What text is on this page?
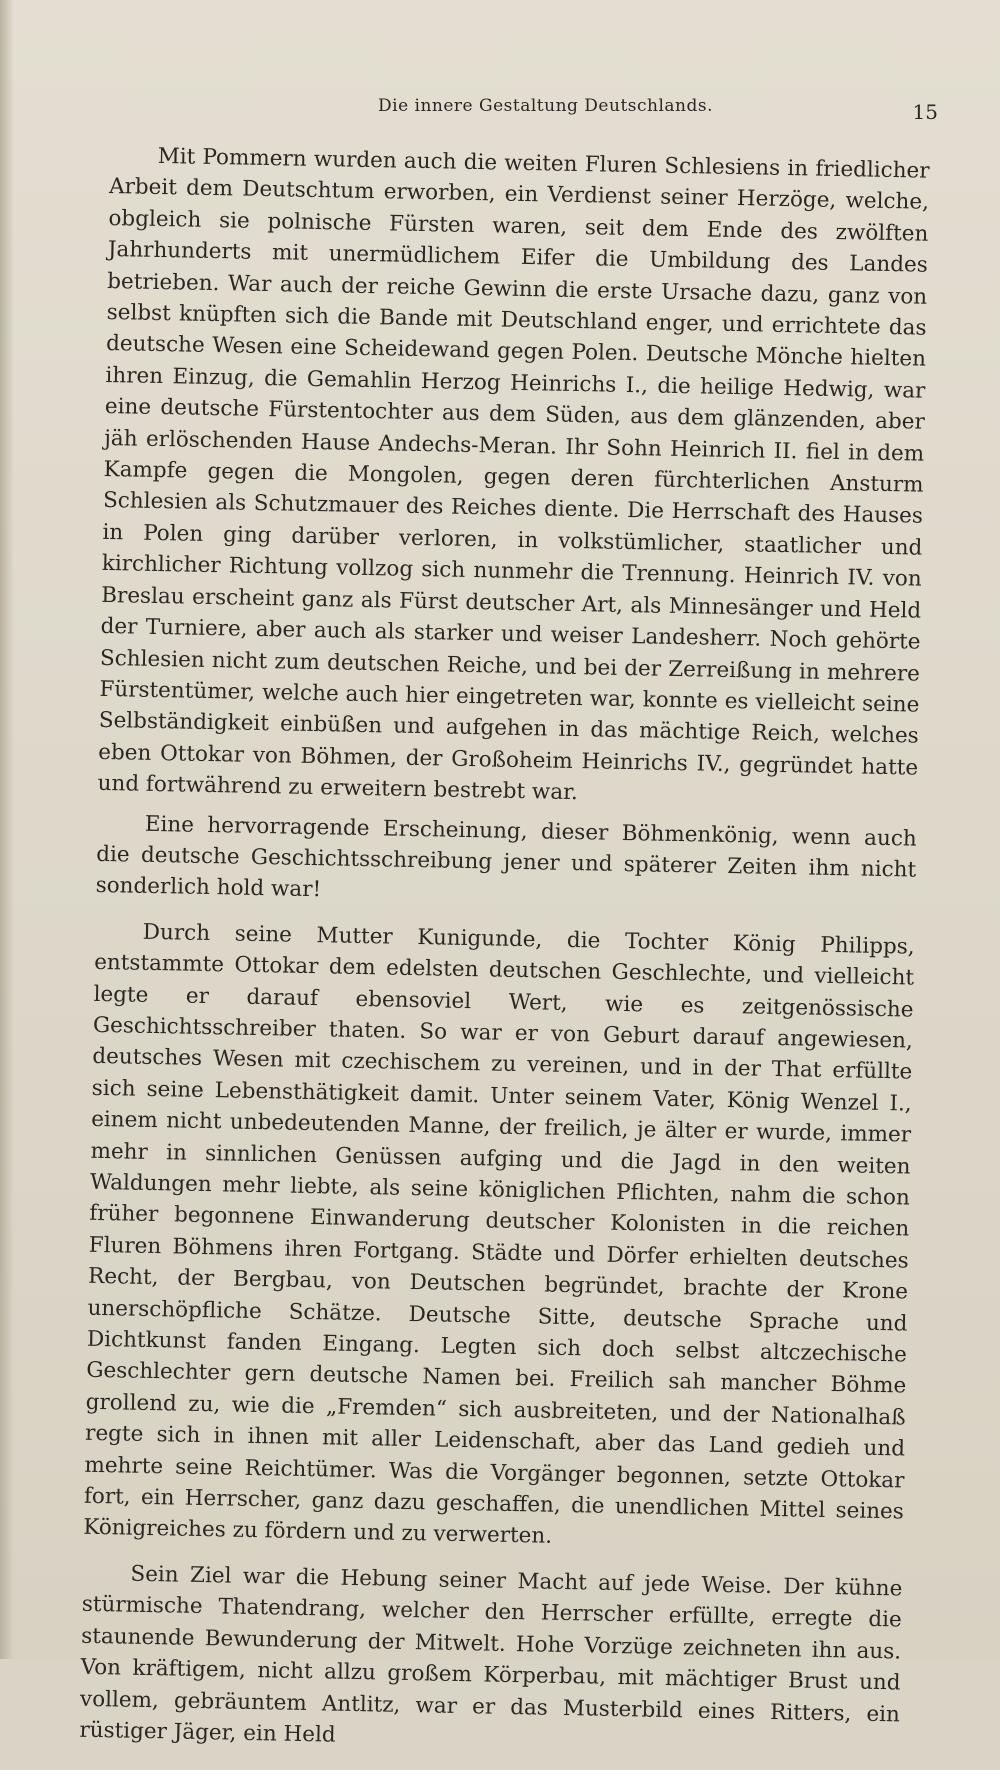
Die innere Gestaltung Deutschlands.	15

Mit Pommern wurden auch die weiten Fluren Schlesiens in friedlicher Arbeit dem Deutschtum erworben, ein Verdienst seiner Herzöge, welche, obgleich sie polnische Fürsten waren, seit dem Ende des zwölften Jahrhunderts mit unermüdlichem Eifer die Umbildung des Landes betrieben. War auch der reiche Gewinn die erste Ursache dazu, ganz von selbst knüpften sich die Bande mit Deutschland enger, und errichtete das deutsche Wesen eine Scheidewand gegen Polen. Deutsche Mönche hielten ihren Einzug, die Gemahlin Herzog Heinrichs I., die heilige Hedwig, war eine deutsche Fürstentochter aus dem Süden, aus dem glänzenden, aber jäh erlöschenden Hause Andechs-Meran. Ihr Sohn Heinrich II. fiel in dem Kampfe gegen die Mongolen, gegen deren fürchterlichen Ansturm Schlesien als Schutzmauer des Reiches diente. Die Herrschaft des Hauses in Polen ging darüber verloren, in volkstümlicher, staatlicher und kirchlicher Richtung vollzog sich nunmehr die Trennung. Heinrich IV. von Breslau erscheint ganz als Fürst deutscher Art, als Minnesänger und Held der Turniere, aber auch als starker und weiser Landesherr. Noch gehörte Schlesien nicht zum deutschen Reiche, und bei der Zerreißung in mehrere Fürstentümer, welche auch hier eingetreten war, konnte es vielleicht seine Selbständigkeit einbüßen und aufgehen in das mächtige Reich, welches eben Ottokar von Böhmen, der Großoheim Heinrichs IV., gegründet hatte und fortwährend zu erweitern bestrebt war.

Eine hervorragende Erscheinung, dieser Böhmenkönig, wenn auch die deutsche Geschichtsschreibung jener und späterer Zeiten ihm nicht sonderlich hold war!

Durch seine Mutter Kunigunde, die Tochter König Philipps, entstammte Ottokar dem edelsten deutschen Geschlechte, und vielleicht legte er darauf ebensoviel Wert, wie es zeitgenössische Geschichtsschreiber thaten. So war er von Geburt darauf angewiesen, deutsches Wesen mit czechischem zu vereinen, und in der That erfüllte sich seine Lebensthätigkeit damit. Unter seinem Vater, König Wenzel I., einem nicht unbedeutenden Manne, der freilich, je älter er wurde, immer mehr in sinnlichen Genüssen aufging und die Jagd in den weiten Waldungen mehr liebte, als seine königlichen Pflichten, nahm die schon früher begonnene Einwanderung deutscher Kolonisten in die reichen Fluren Böhmens ihren Fortgang. Städte und Dörfer erhielten deutsches Recht, der Bergbau, von Deutschen begründet, brachte der Krone unerschöpfliche Schätze. Deutsche Sitte, deutsche Sprache und Dichtkunst fanden Eingang. Legten sich doch selbst altczechische Geschlechter gern deutsche Namen bei. Freilich sah mancher Böhme grollend zu, wie die „Fremden“ sich ausbreiteten, und der Nationalhaß regte sich in ihnen mit aller Leidenschaft, aber das Land gedieh und mehrte seine Reichtümer. Was die Vorgänger begonnen, setzte Ottokar fort, ein Herrscher, ganz dazu geschaffen, die unendlichen Mittel seines Königreiches zu fördern und zu verwerten.

Sein Ziel war die Hebung seiner Macht auf jede Weise. Der kühne stürmische Thatendrang, welcher den Herrscher erfüllte, erregte die staunende Bewunderung der Mitwelt. Hohe Vorzüge zeichneten ihn aus. Von kräftigem, nicht allzu großem Körperbau, mit mächtiger Brust und vollem, gebräuntem Antlitz, war er das Musterbild eines Ritters, ein rüstiger Jäger, ein Held
